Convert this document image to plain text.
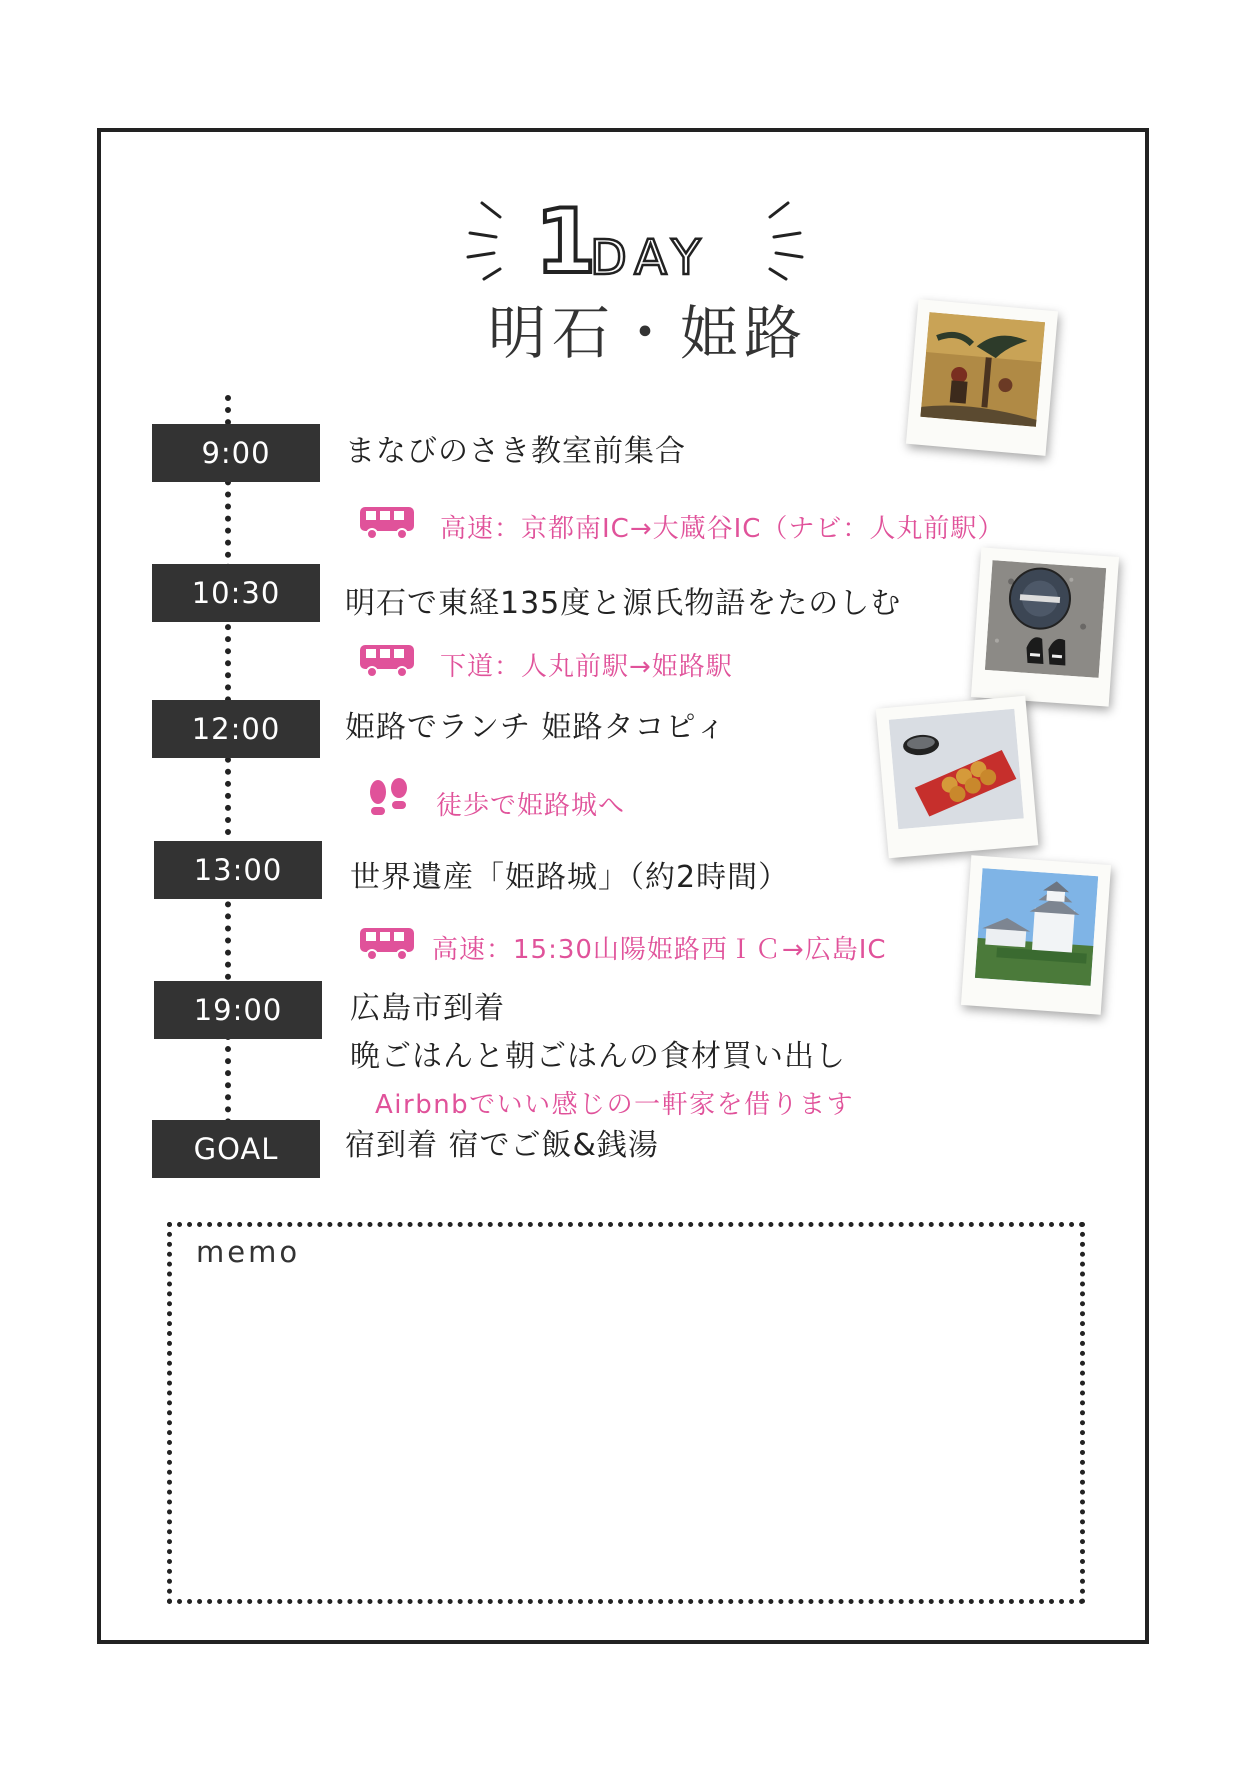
1
DAY
明石・姫路
9:00	まなびのさき教室前集合
高速：京都南IC→大蔵谷IC（ナビ：人丸前駅）
10:30	明石で東経135度と源氏物語をたのしむ
下道：人丸前駅→姫路駅
12:00	姫路でランチ 姫路タコピィ
徒歩で姫路城へ
13:00	世界遺産「姫路城」（約2時間）
高速：15:30山陽姫路西ＩＣ→広島IC
19:00	広島市到着
晩ごはんと朝ごはんの食材買い出し
Airbnbでいい感じの一軒家を借ります
GOAL	宿到着 宿でご飯&銭湯
memo
